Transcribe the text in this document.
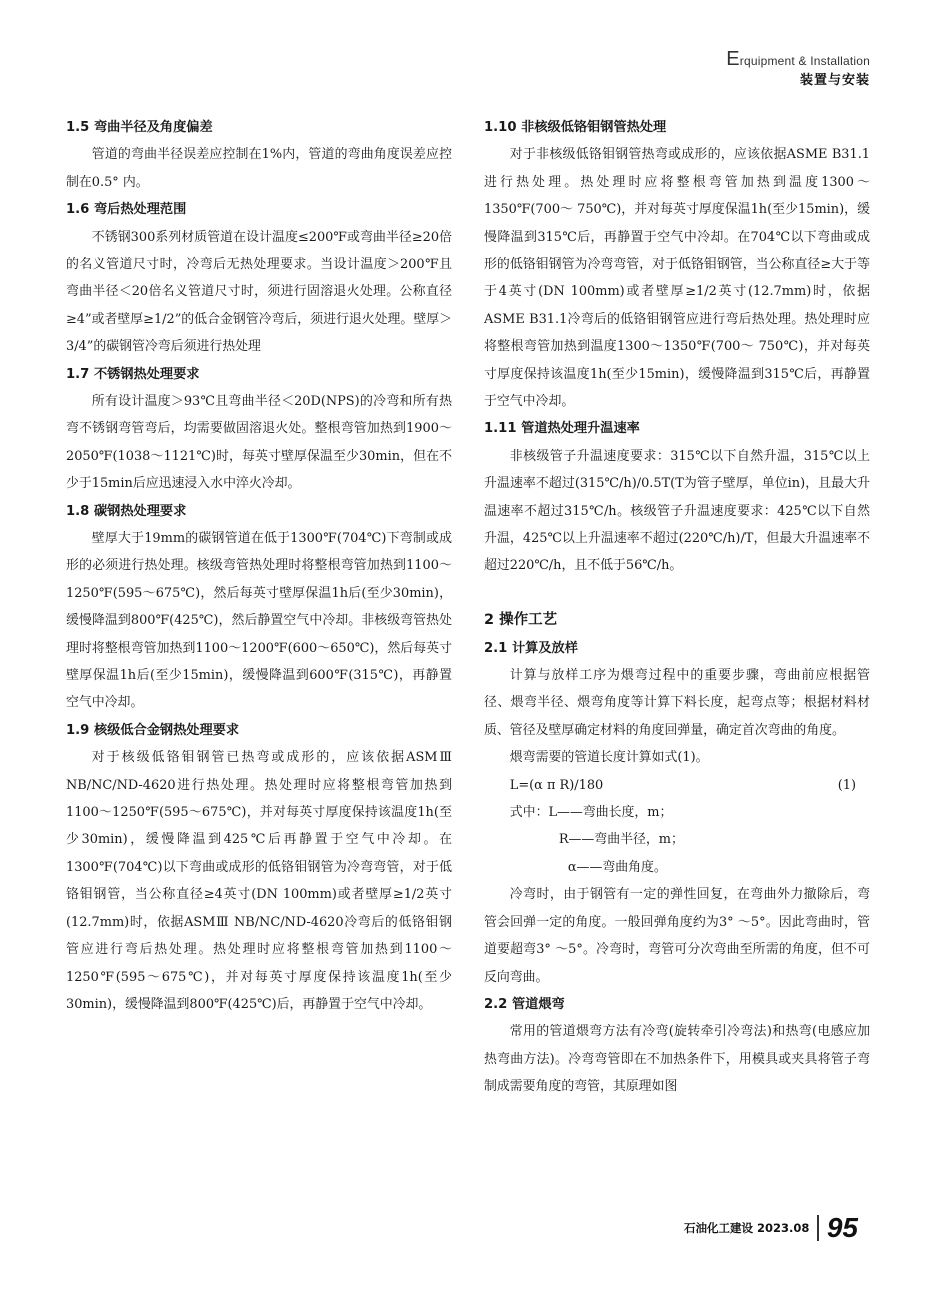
Erquipment & Installation
装置与安装
1.5 弯曲半径及角度偏差

管道的弯曲半径误差应控制在1%内，管道的弯曲角度误差应控制在0.5° 内。

1.6 弯后热处理范围

不锈钢300系列材质管道在设计温度≤200℉或弯曲半径≥20倍的名义管道尺寸时，冷弯后无热处理要求。当设计温度＞200℉且弯曲半径＜20倍名义管道尺寸时，须进行固溶退火处理。公称直径≥4”或者壁厚≥1/2”的低合金钢管冷弯后，须进行退火处理。壁厚＞3/4”的碳钢管冷弯后须进行热处理

1.7 不锈钢热处理要求

所有设计温度＞93℃且弯曲半径＜20D(NPS)的冷弯和所有热弯不锈钢弯管弯后，均需要做固溶退火处。整根弯管加热到1900～2050℉(1038～1121℃)时，每英寸壁厚保温至少30min，但在不少于15min后应迅速浸入水中淬火冷却。

1.8 碳钢热处理要求

壁厚大于19mm的碳钢管道在低于1300℉(704℃)下弯制或成形的必须进行热处理。核级弯管热处理时将整根弯管加热到1100～1250℉(595～675℃)，然后每英寸壁厚保温1h后(至少30min)，缓慢降温到800℉(425℃)，然后静置空气中冷却。非核级弯管热处理时将整根弯管加热到1100～1200℉(600～650℃)，然后每英寸壁厚保温1h后(至少15min)，缓慢降温到600℉(315℃)，再静置空气中冷却。

1.9 核级低合金钢热处理要求

对于核级低铬钼钢管已热弯或成形的，应该依据ASMⅢ NB/NC/ND-4620进行热处理。热处理时应将整根弯管加热到1100～1250℉(595～675℃)，并对每英寸厚度保持该温度1h(至少30min)，缓慢降温到425℃后再静置于空气中冷却。在1300℉(704℃)以下弯曲或成形的低铬钼钢管为冷弯弯管，对于低铬钼钢管，当公称直径≥4英寸(DN 100mm)或者壁厚≥1/2英寸(12.7mm)时，依据ASMⅢ NB/NC/ND-4620冷弯后的低铬钼钢管应进行弯后热处理。热处理时应将整根弯管加热到1100～1250℉(595～675℃)，并对每英寸厚度保持该温度1h(至少30min)，缓慢降温到800℉(425℃)后，再静置于空气中冷却。

1.10 非核级低铬钼钢管热处理

对于非核级低铬钼钢管热弯或成形的，应该依据ASME B31.1进行热处理。热处理时应将整根弯管加热到温度1300～1350℉(700～ 750℃)，并对每英寸厚度保温1h(至少15min)，缓慢降温到315℃后，再静置于空气中冷却。在704℃以下弯曲或成形的低铬钼钢管为冷弯弯管，对于低铬钼钢管，当公称直径≥大于等于4英寸(DN 100mm)或者壁厚≥1/2英寸(12.7mm)时，依据ASME B31.1冷弯后的低铬钼钢管应进行弯后热处理。热处理时应将整根弯管加热到温度1300～1350℉(700～ 750℃)，并对每英寸厚度保持该温度1h(至少15min)，缓慢降温到315℃后，再静置于空气中冷却。

1.11 管道热处理升温速率

非核级管子升温速度要求：315℃以下自然升温，315℃以上升温速率不超过(315℃/h)/0.5T(T为管子壁厚，单位in)，且最大升温速率不超过315℃/h。核级管子升温速度要求：425℃以下自然升温，425℃以上升温速率不超过(220℃/h)/T，但最大升温速率不超过220℃/h，且不低于56℃/h。

2 操作工艺
2.1 计算及放样

计算与放样工序为煨弯过程中的重要步骤，弯曲前应根据管径、煨弯半径、煨弯角度等计算下料长度，起弯点等；根据材料材质、管径及壁厚确定材料的角度回弹量，确定首次弯曲的角度。

煨弯需要的管道长度计算如式(1)。

L=(α π R)/180	(1)
式中：L——弯曲长度，m；
R——弯曲半径，m；
α——弯曲角度。

冷弯时，由于钢管有一定的弹性回复，在弯曲外力撤除后，弯管会回弹一定的角度。一般回弹角度约为3° ～5°。因此弯曲时，管道要超弯3° ～5°。冷弯时，弯管可分次弯曲至所需的角度，但不可反向弯曲。

2.2 管道煨弯

常用的管道煨弯方法有冷弯(旋转牵引冷弯法)和热弯(电感应加热弯曲方法)。冷弯弯管即在不加热条件下，用模具或夹具将管子弯制成需要角度的弯管，其原理如图

石油化工建设 2023.08 95
